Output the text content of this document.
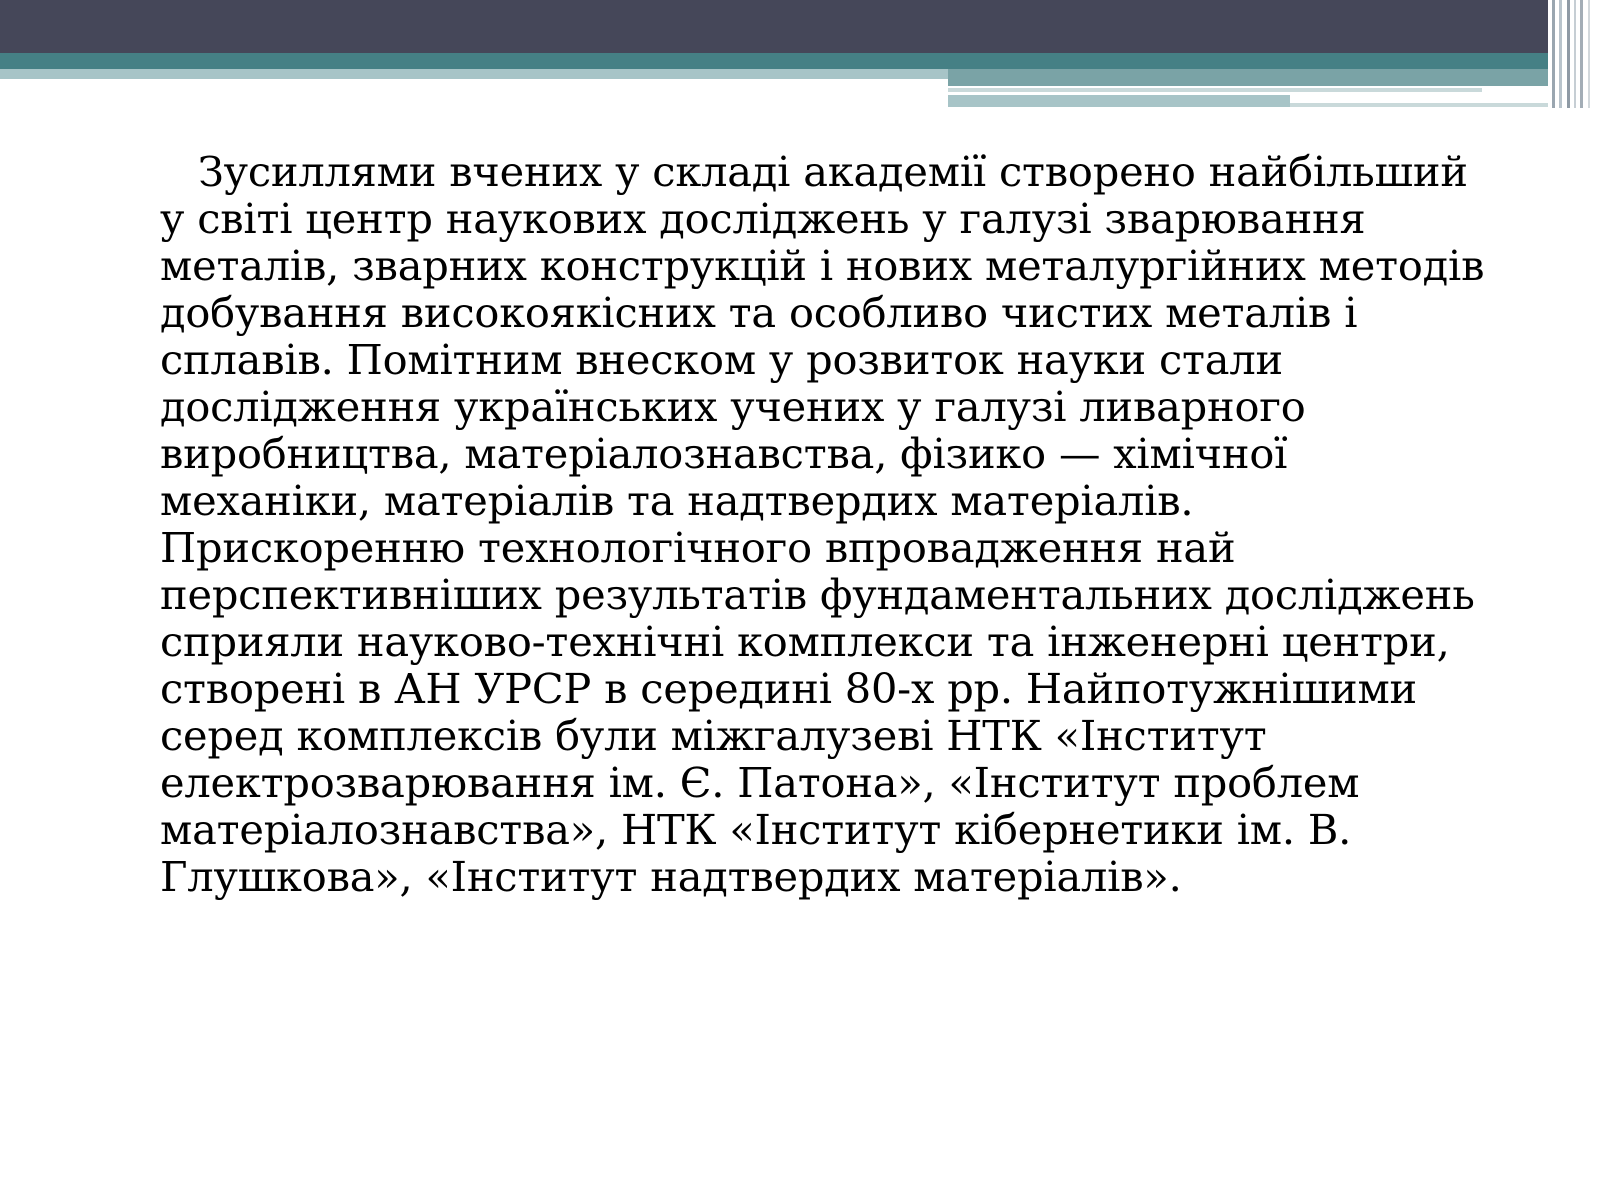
Зусиллями вчених у складі академії створено найбільший у світі центр наукових досліджень у галузі зварювання металів, зварних конструкцій і нових металургійних методів добування високоякісних та особливо чистих металів і сплавів. Помітним внеском у розвиток науки стали дослідження українських учених у галузі ливарного виробництва, матеріалознавства, фізико — хімічної механіки, матеріалів та надтвердих матеріалів. Прискоренню технологічного впровадження най перспективніших результатів фундаментальних досліджень сприяли науково-технічні комплекси та інженерні центри, створені в АН УРСР в середині 80-х рр. Найпотужнішими серед комплексів були міжгалузеві НТК «Інститут електрозварювання ім. Є. Патона», «Інститут проблем матеріалознавства», НТК «Інститут кібернетики ім. В. Глушкова», «Інститут надтвердих матеріалів».
